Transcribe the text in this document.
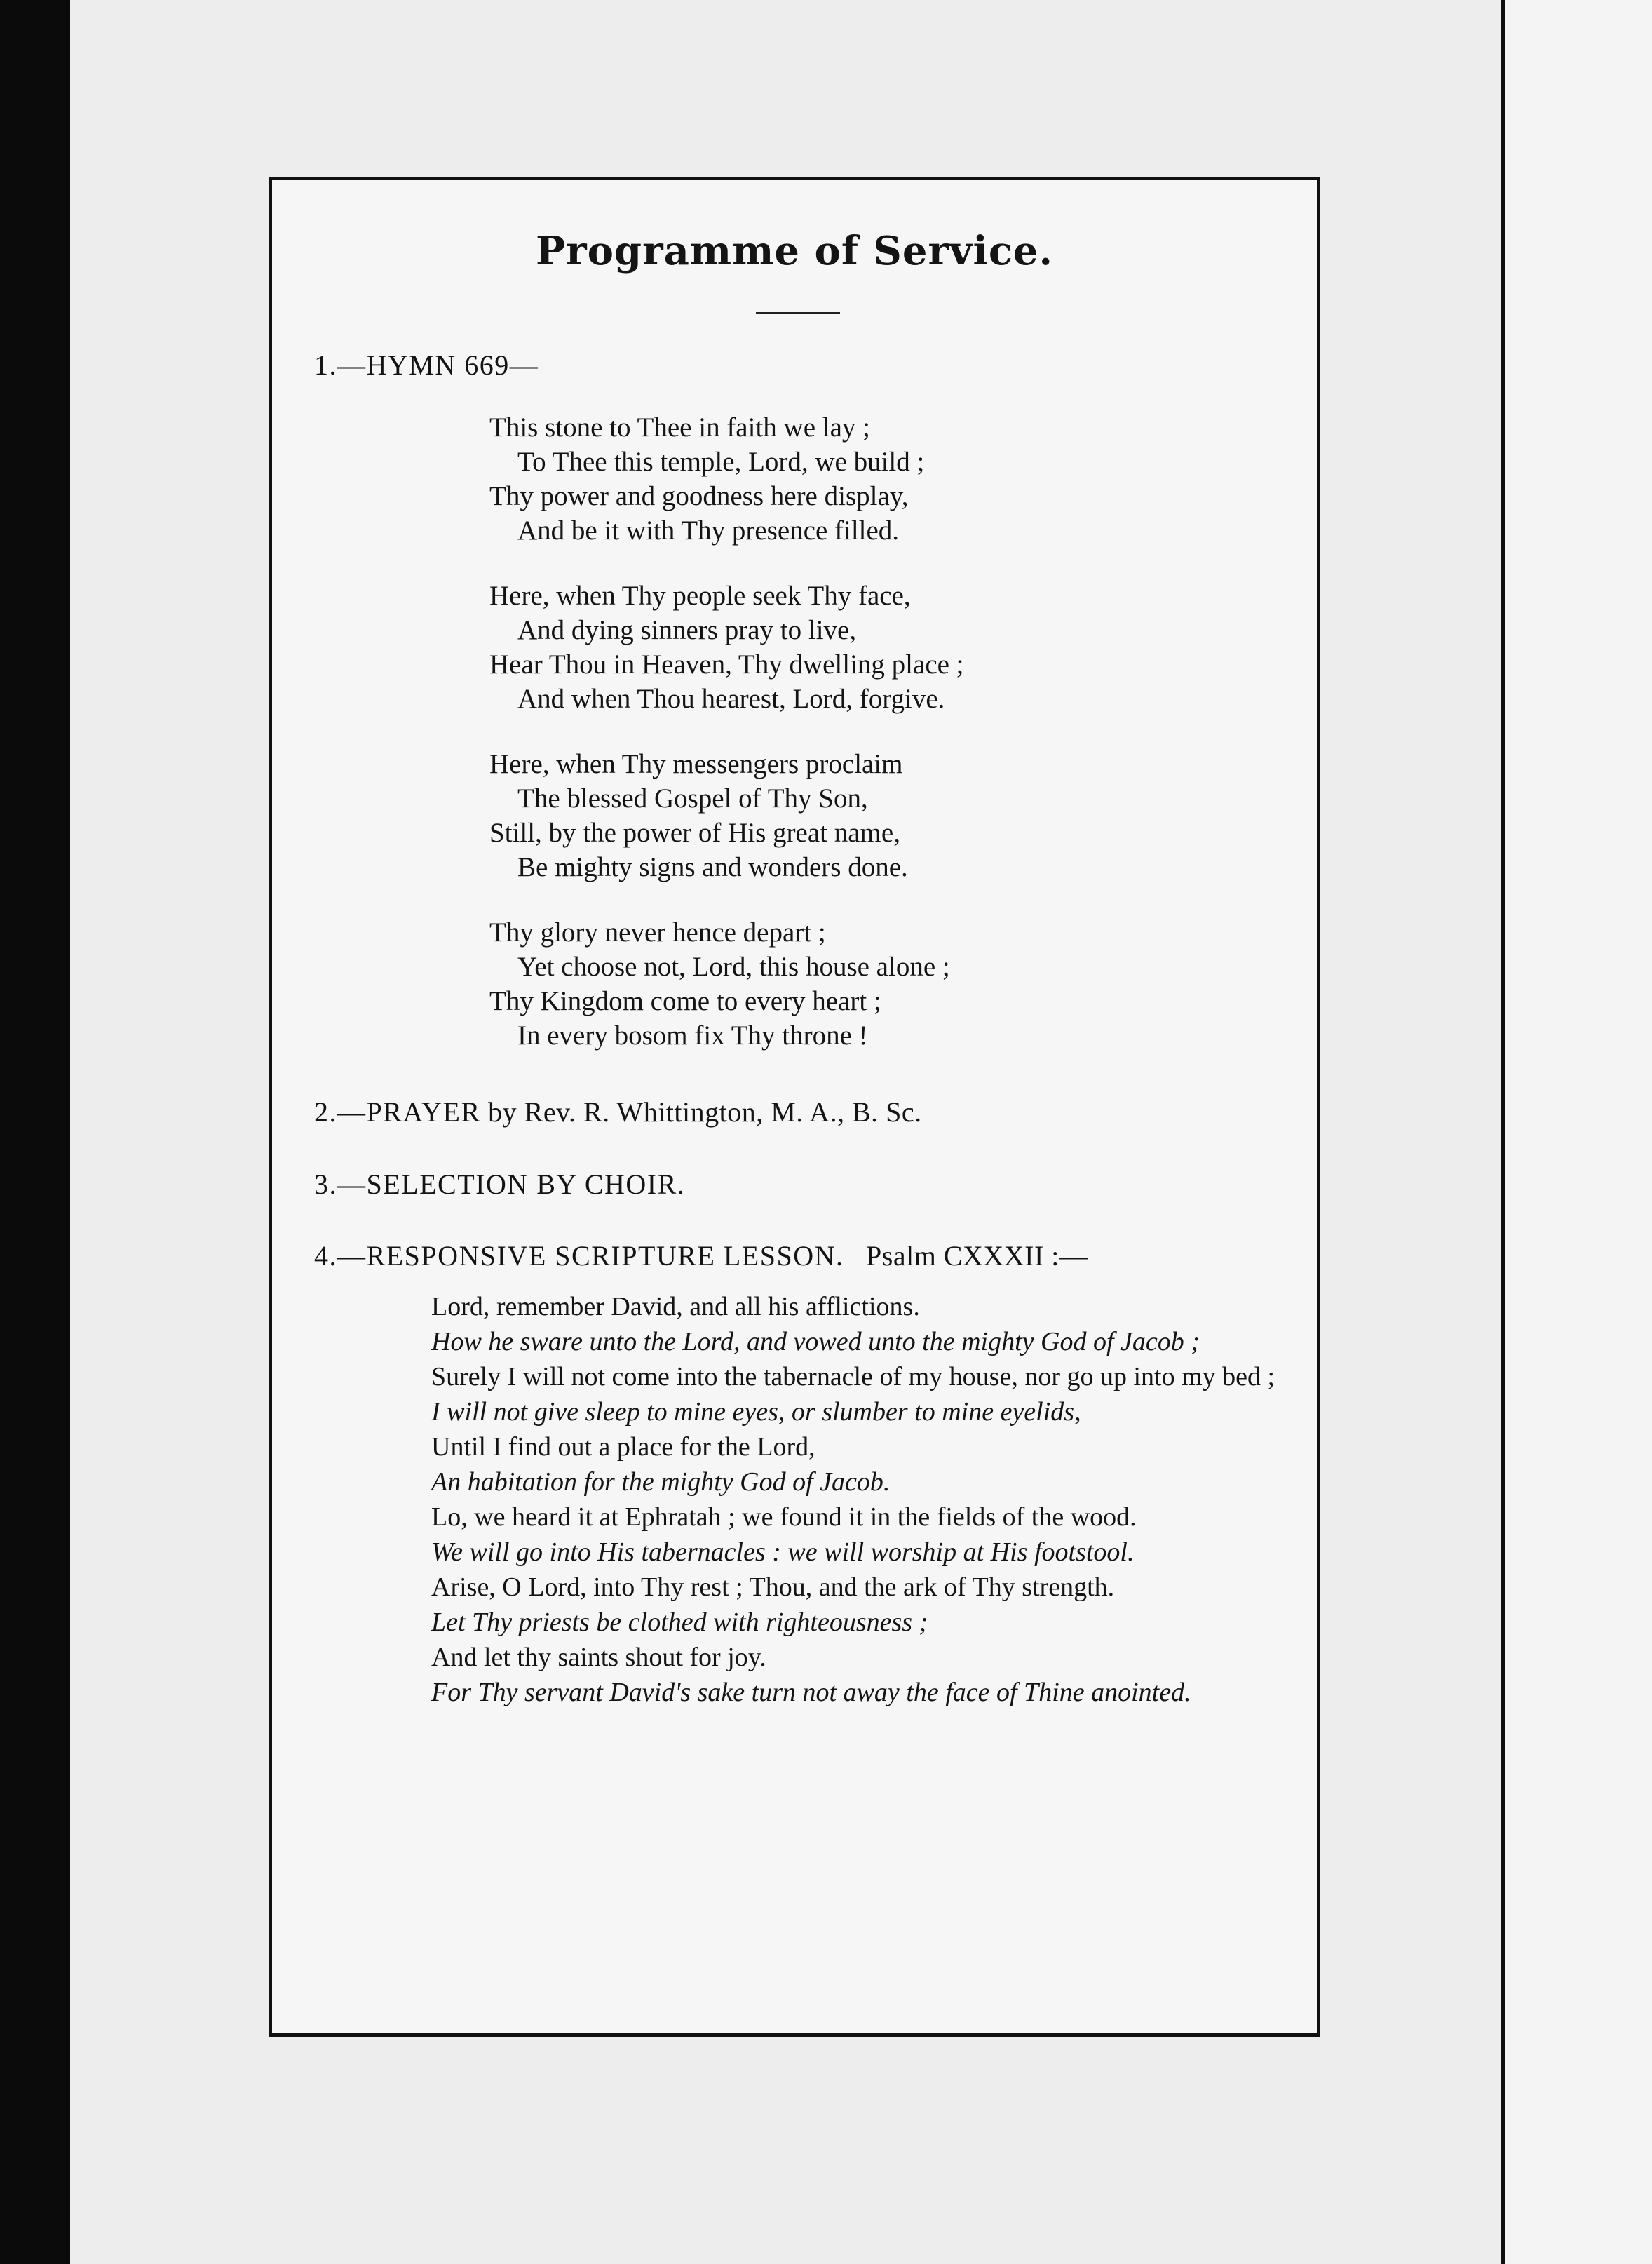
Programme of Service.
1.—HYMN 669—
This stone to Thee in faith we lay ;
To Thee this temple, Lord, we build ;
Thy power and goodness here display,
And be it with Thy presence filled.
Here, when Thy people seek Thy face,
And dying sinners pray to live,
Hear Thou in Heaven, Thy dwelling place ;
And when Thou hearest, Lord, forgive.
Here, when Thy messengers proclaim
The blessed Gospel of Thy Son,
Still, by the power of His great name,
Be mighty signs and wonders done.
Thy glory never hence depart ;
Yet choose not, Lord, this house alone ;
Thy Kingdom come to every heart ;
In every bosom fix Thy throne !
2.—PRAYER by Rev. R. Whittington, M. A., B. Sc.
3.—SELECTION BY CHOIR.
4.—RESPONSIVE SCRIPTURE LESSON.   Psalm CXXXII :—

Lord, remember David, and all his afflictions.

How he sware unto the Lord, and vowed unto the mighty God of Jacob ;

Surely I will not come into the tabernacle of my house, nor go up into my bed ;

I will not give sleep to mine eyes, or slumber to mine eyelids,

Until I find out a place for the Lord,

An habitation for the mighty God of Jacob.

Lo, we heard it at Ephratah ; we found it in the fields of the wood.

We will go into His tabernacles : we will worship at His footstool.

Arise, O Lord, into Thy rest ; Thou, and the ark of Thy strength.

Let Thy priests be clothed with righteousness ;

And let thy saints shout for joy.

For Thy servant David's sake turn not away the face of Thine anointed.
